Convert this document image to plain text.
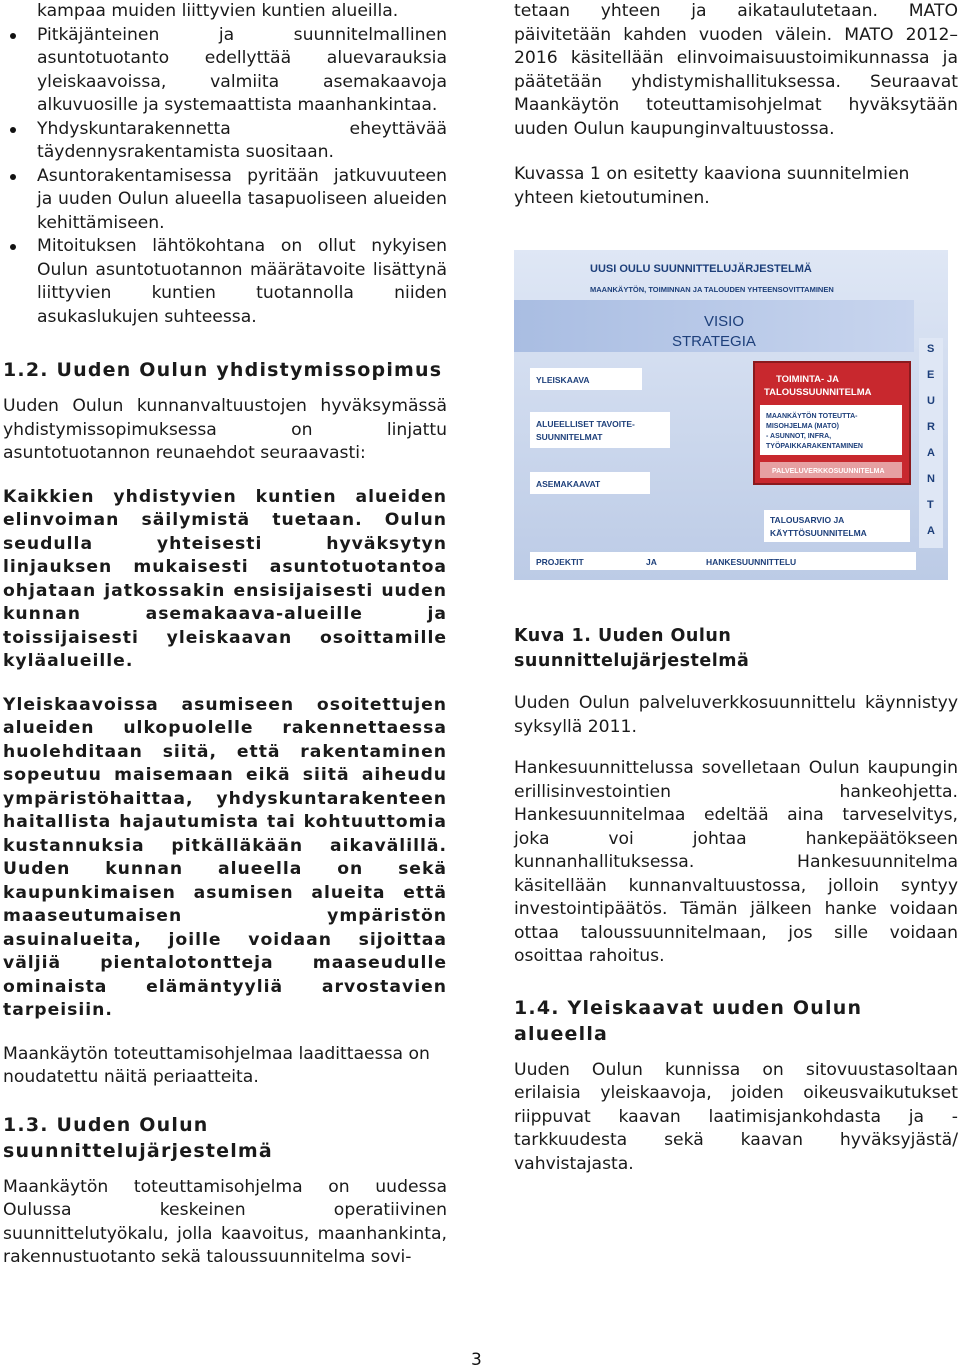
kampaa muiden liittyvien kuntien alueilla.

Pitkäjänteinen ja suunnitelmallinen asuntotuotanto edellyttää aluevarauksia yleiskaavoissa, valmiita asemakaavoja alkuvuosille ja systemaattista maanhankintaa.
Yhdyskuntarakennetta eheyttävää täydennysrakentamista suositaan.
Asuntorakentamisessa pyritään jatkuvuuteen ja uuden Oulun alueella tasapuoliseen alueiden kehittämiseen.
Mitoituksen lähtökohtana on ollut nykyisen Oulun asuntotuotannon määrätavoite lisättynä liittyvien kuntien tuotannolla niiden asukaslukujen suhteessa.
1.2. Uuden Oulun yhdistymissopimus

Uuden Oulun kunnanvaltuustojen hyväksymässä yhdistymissopimuksessa on linjattu asuntotuotannon reunaehdot seuraavasti:

Kaikkien yhdistyvien kuntien alueiden elinvoiman säilymistä tuetaan. Oulun seudulla yhteisesti hyväksytyn linjauksen mukaisesti asuntotuotantoa ohjataan jatkossakin ensisijaisesti uuden kunnan asemakaava-alueille ja toissijaisesti yleiskaavan osoittamille kyläalueille.

Yleiskaavoissa asumiseen osoitettujen alueiden ulkopuolelle rakennettaessa huolehditaan siitä, että rakentaminen sopeutuu maisemaan eikä siitä aiheudu ympäristöhaittaa, yhdyskuntarakenteen haitallista hajautumista tai kohtuuttomia kustannuksia pitkälläkään aikavälillä. Uuden kunnan alueella on sekä kaupunkimaisen asumisen alueita että maaseutumaisen ympäristön asuinalueita, joille voidaan sijoittaa väljiä pientalotontteja maaseudulle ominaista elämäntyyliä arvostavien tarpeisiin.

Maankäytön toteuttamisohjelmaa laadittaessa on noudatettu näitä periaatteita.

1.3. Uuden Oulun suunnittelujärjestelmä

Maankäytön toteuttamisohjelma on uudessa Oulussa keskeinen operatiivinen suunnittelutyökalu, jolla kaavoitus, maanhankinta, rakennustuotanto sekä taloussuunnitelma sovi-

tetaan yhteen ja aikataulutetaan. MATO päivitetään kahden vuoden välein. MATO 2012–2016 käsitellään elinvoimaisuustoimikunnassa ja päätetään yhdistymishallituksessa. Seuraavat Maankäytön toteuttamisohjelmat hyväksytään uuden Oulun kaupunginvaltuustossa.

Kuvassa 1 on esitetty kaaviona suunnitelmien yhteen kietoutuminen.

UUSI OULU SUUNNITTELUJÄRJESTELMÄ
MAANKÄYTÖN, TOIMINNAN JA TALOUDEN YHTEENSOVITTAMINEN
VISIO
STRATEGIA	S
E
U
R
A
N
T
A
TOIMINTA- JA
TALOUSSUUNNITELMA
MAANKÄYTÖN TOTEUTTA-
MISOHJELMA (MATO)
- ASUNNOT, INFRA,
TYÖPAIKKARAKENTAMINEN
PALVELUVERKKOSUUNNITELMA
YLEISKAAVA
ALUEELLISET TAVOITE-
SUUNNITELMAT
ASEMAKAAVAT
TALOUSARVIO JA
KÄYTTÖSUUNNITELMA
PROJEKTIT	JA	HANKESUUNNITTELU

Kuva 1. Uuden Oulun suunnittelujärjestelmä

Uuden Oulun palveluverkkosuunnittelu käynnistyy syksyllä 2011.

Hankesuunnittelussa sovelletaan Oulun kaupungin erillisinvestointien hankeohjetta. Hankesuunnitelmaa edeltää aina tarveselvitys, joka voi johtaa hankepäätökseen kunnanhallituksessa. Hankesuunnitelma käsitellään kunnanvaltuustossa, jolloin syntyy investointipäätös. Tämän jälkeen hanke voidaan ottaa taloussuunnitelmaan, jos sille voidaan osoittaa rahoitus.

1.4. Yleiskaavat uuden Oulun alueella

Uuden Oulun kunnissa on sitovuustasoltaan erilaisia yleiskaavoja, joiden oikeusvaikutukset riippuvat kaavan laatimisjankohdasta ja -tarkkuudesta sekä kaavan hyväksyjästä/ vahvistajasta.

3
